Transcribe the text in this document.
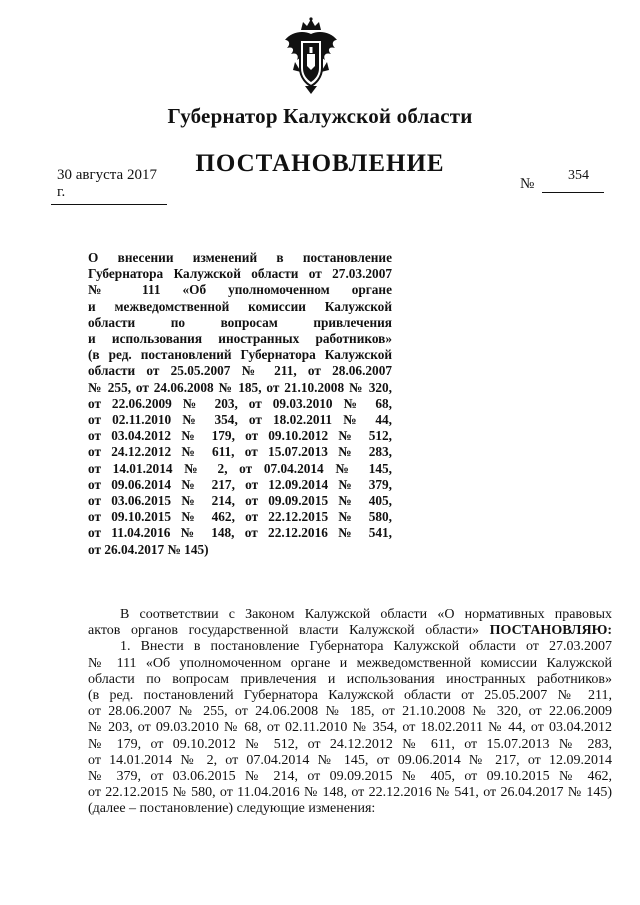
Губернатор Калужской области
ПОСТАНОВЛЕНИЕ
30 августа 2017 г.	№
354
О внесении изменений в постановление
Губернатора Калужской области от 27.03.2007
№ 111 «Об уполномоченном органе
и межведомственной комиссии Калужской
области по вопросам привлечения
и использования иностранных работников»
(в ред. постановлений Губернатора Калужской
области от 25.05.2007 № 211, от 28.06.2007
№ 255, от 24.06.2008 № 185, от 21.10.2008 № 320,
от 22.06.2009 № 203, от 09.03.2010 № 68,
от 02.11.2010 № 354, от 18.02.2011 № 44,
от 03.04.2012 № 179, от 09.10.2012 № 512,
от 24.12.2012 № 611, от 15.07.2013 № 283,
от 14.01.2014 № 2, от 07.04.2014 № 145,
от 09.06.2014 № 217, от 12.09.2014 № 379,
от 03.06.2015 № 214, от 09.09.2015 № 405,
от 09.10.2015 № 462, от 22.12.2015 № 580,
от 11.04.2016 № 148, от 22.12.2016 № 541,
от 26.04.2017 № 145)
В соответствии с Законом Калужской области «О нормативных правовых
актов органов государственной власти Калужской области» ПОСТАНОВЛЯЮ:
1. Внести в постановление Губернатора Калужской области от 27.03.2007
№ 111 «Об уполномоченном органе и межведомственной комиссии Калужской
области по вопросам привлечения и использования иностранных работников»
(в ред. постановлений Губернатора Калужской области от 25.05.2007 № 211,
от 28.06.2007 № 255, от 24.06.2008 № 185, от 21.10.2008 № 320, от 22.06.2009
№ 203, от 09.03.2010 № 68, от 02.11.2010 № 354, от 18.02.2011 № 44, от 03.04.2012
№ 179, от 09.10.2012 № 512, от 24.12.2012 № 611, от 15.07.2013 № 283,
от 14.01.2014 № 2, от 07.04.2014 № 145, от 09.06.2014 № 217, от 12.09.2014
№ 379, от 03.06.2015 № 214, от 09.09.2015 № 405, от 09.10.2015 № 462,
от 22.12.2015 № 580, от 11.04.2016 № 148, от 22.12.2016 № 541, от 26.04.2017 № 145)
(далее – постановление) следующие изменения:
